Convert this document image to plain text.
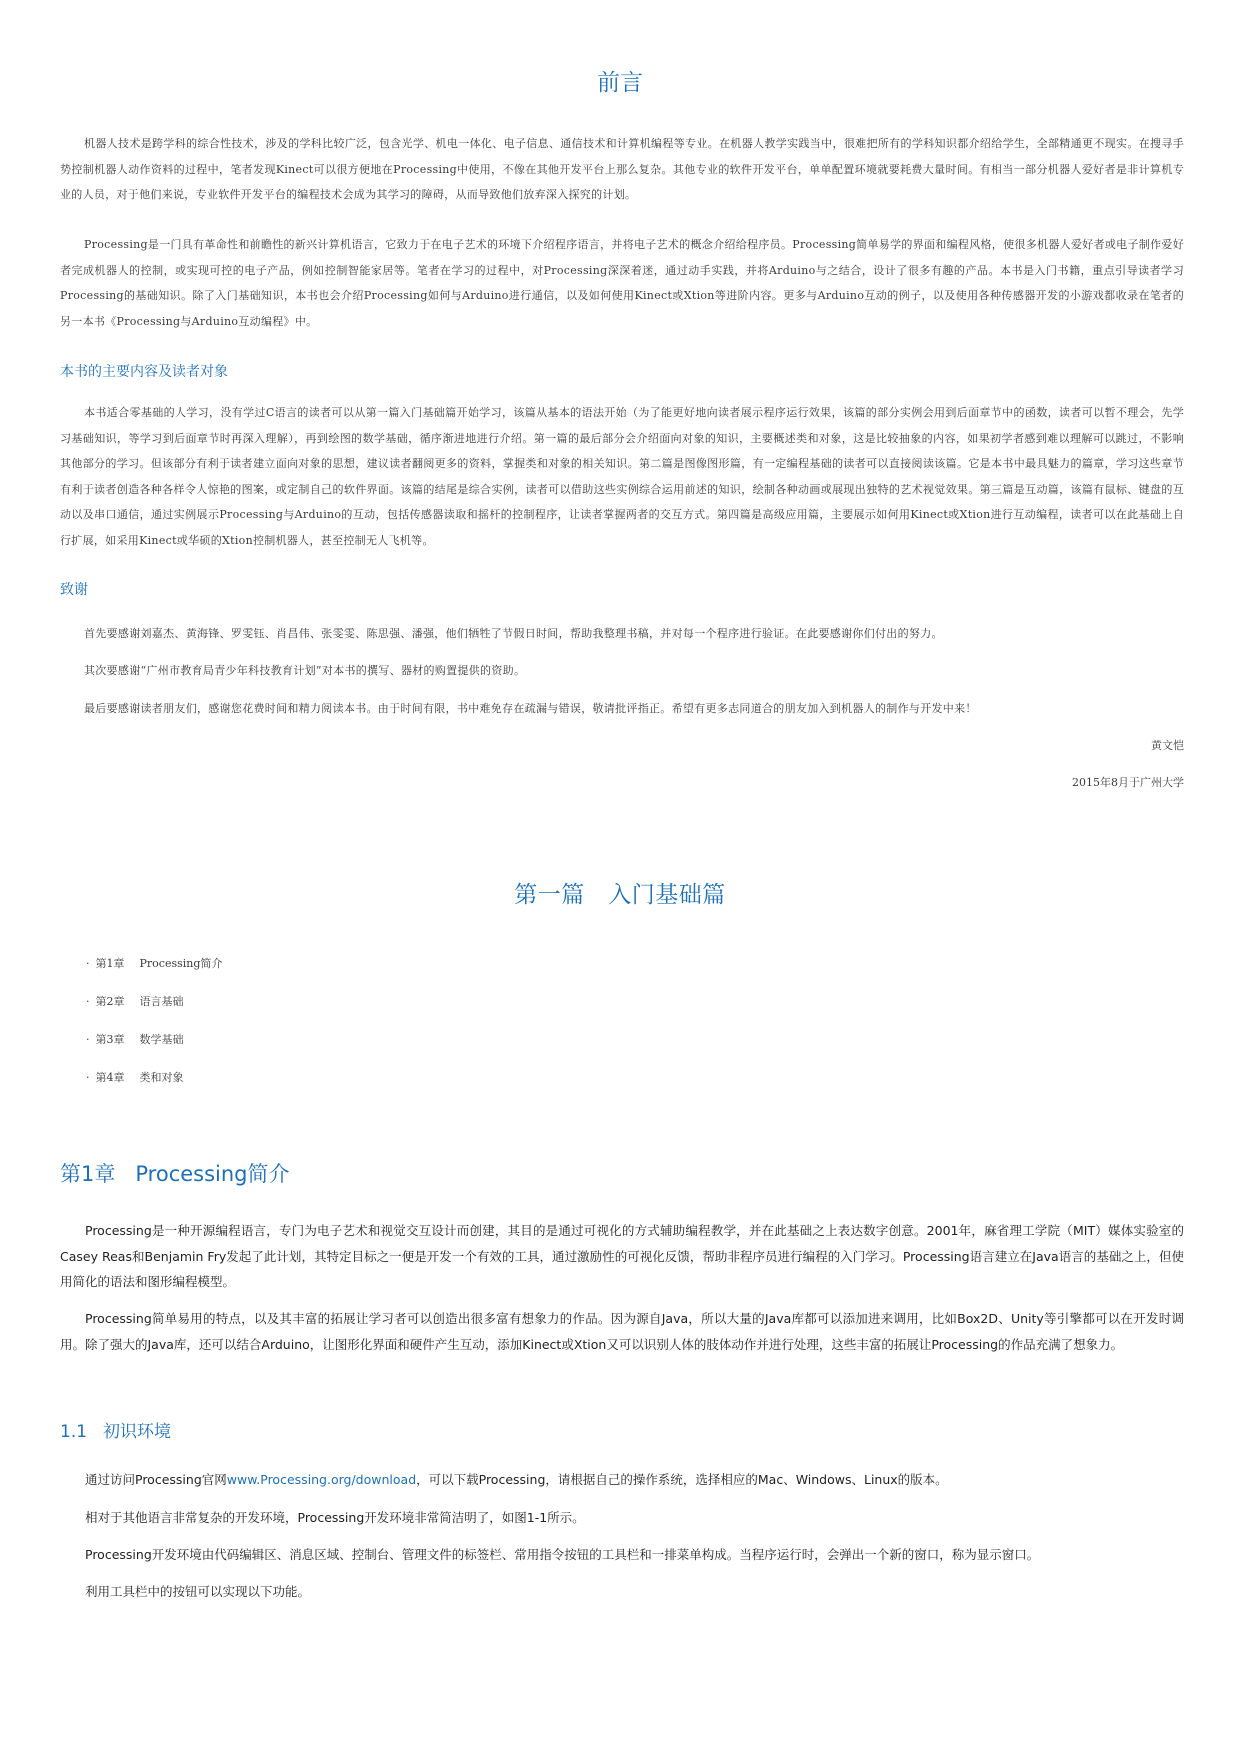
前言

机器人技术是跨学科的综合性技术，涉及的学科比较广泛，包含光学、机电一体化、电子信息、通信技术和计算机编程等专业。在机器人教学实践当中，很难把所有的学科知识都介绍给学生，全部精通更不现实。在搜寻手势控制机器人动作资料的过程中，笔者发现Kinect可以很方便地在Processing中使用，不像在其他开发平台上那么复杂。其他专业的软件开发平台，单单配置环境就要耗费大量时间。有相当一部分机器人爱好者是非计算机专业的人员，对于他们来说，专业软件开发平台的编程技术会成为其学习的障碍，从而导致他们放弃深入探究的计划。

Processing是一门具有革命性和前瞻性的新兴计算机语言，它致力于在电子艺术的环境下介绍程序语言，并将电子艺术的概念介绍给程序员。Processing简单易学的界面和编程风格，使很多机器人爱好者或电子制作爱好者完成机器人的控制，或实现可控的电子产品，例如控制智能家居等。笔者在学习的过程中，对Processing深深着迷，通过动手实践，并将Arduino与之结合，设计了很多有趣的产品。本书是入门书籍，重点引导读者学习Processing的基础知识。除了入门基础知识，本书也会介绍Processing如何与Arduino进行通信，以及如何使用Kinect或Xtion等进阶内容。更多与Arduino互动的例子，以及使用各种传感器开发的小游戏都收录在笔者的另一本书《Processing与Arduino互动编程》中。

本书的主要内容及读者对象

本书适合零基础的人学习，没有学过C语言的读者可以从第一篇入门基础篇开始学习，该篇从基本的语法开始（为了能更好地向读者展示程序运行效果，该篇的部分实例会用到后面章节中的函数，读者可以暂不理会，先学习基础知识，等学习到后面章节时再深入理解），再到绘图的数学基础，循序渐进地进行介绍。第一篇的最后部分会介绍面向对象的知识，主要概述类和对象，这是比较抽象的内容，如果初学者感到难以理解可以跳过，不影响其他部分的学习。但该部分有利于读者建立面向对象的思想，建议读者翻阅更多的资料，掌握类和对象的相关知识。第二篇是图像图形篇，有一定编程基础的读者可以直接阅读该篇。它是本书中最具魅力的篇章，学习这些章节有利于读者创造各种各样令人惊艳的图案，或定制自己的软件界面。该篇的结尾是综合实例，读者可以借助这些实例综合运用前述的知识，绘制各种动画或展现出独特的艺术视觉效果。第三篇是互动篇，该篇有鼠标、键盘的互动以及串口通信，通过实例展示Processing与Arduino的互动，包括传感器读取和摇杆的控制程序，让读者掌握两者的交互方式。第四篇是高级应用篇，主要展示如何用Kinect或Xtion进行互动编程，读者可以在此基础上自行扩展，如采用Kinect或华硕的Xtion控制机器人，甚至控制无人飞机等。

致谢

首先要感谢刘嘉杰、黄海锋、罗雯钰、肖昌伟、张雯雯、陈思强、潘强，他们牺牲了节假日时间，帮助我整理书稿，并对每一个程序进行验证。在此要感谢你们付出的努力。

其次要感谢“广州市教育局青少年科技教育计划”对本书的撰写、器材的购置提供的资助。

最后要感谢读者朋友们，感谢您花费时间和精力阅读本书。由于时间有限，书中难免存在疏漏与错误，敬请批评指正。希望有更多志同道合的朋友加入到机器人的制作与开发中来！

黄文恺

2015年8月于广州大学

第一篇　入门基础篇
· 第1章 Processing简介
· 第2章 语言基础
· 第3章 数学基础
· 第4章 类和对象
第1章 Processing简介

Processing是一种开源编程语言，专门为电子艺术和视觉交互设计而创建，其目的是通过可视化的方式辅助编程教学，并在此基础之上表达数字创意。2001年，麻省理工学院（MIT）媒体实验室的Casey Reas和Benjamin Fry发起了此计划，其特定目标之一便是开发一个有效的工具，通过激励性的可视化反馈，帮助非程序员进行编程的入门学习。Processing语言建立在Java语言的基础之上，但使用简化的语法和图形编程模型。

Processing简单易用的特点，以及其丰富的拓展让学习者可以创造出很多富有想象力的作品。因为源自Java，所以大量的Java库都可以添加进来调用，比如Box2D、Unity等引擎都可以在开发时调用。除了强大的Java库，还可以结合Arduino，让图形化界面和硬件产生互动，添加Kinect或Xtion又可以识别人体的肢体动作并进行处理，这些丰富的拓展让Processing的作品充满了想象力。

1.1 初识环境

通过访问Processing官网www.Processing.org/download，可以下载Processing，请根据自己的操作系统，选择相应的Mac、Windows、Linux的版本。

相对于其他语言非常复杂的开发环境，Processing开发环境非常简洁明了，如图1-1所示。

Processing开发环境由代码编辑区、消息区域、控制台、管理文件的标签栏、常用指令按钮的工具栏和一排菜单构成。当程序运行时，会弹出一个新的窗口，称为显示窗口。

利用工具栏中的按钮可以实现以下功能。
